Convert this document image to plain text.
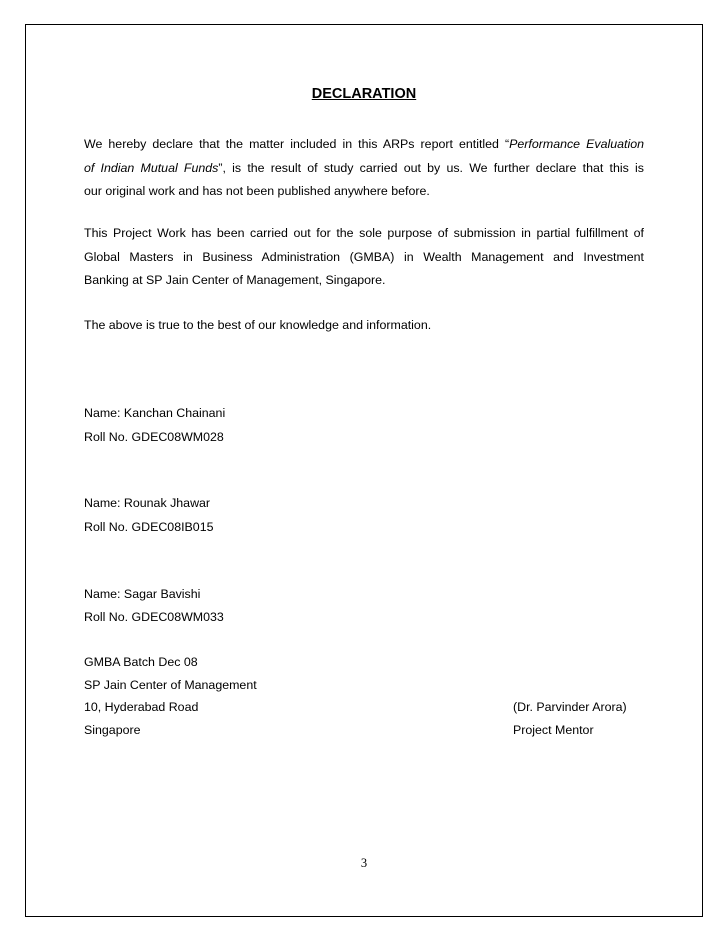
DECLARATION
We hereby declare that the matter included in this ARPs report entitled “Performance Evaluation
of Indian Mutual Funds”, is the result of study carried out by us. We further declare that this is
our original work and has not been published anywhere before.
This Project Work has been carried out for the sole purpose of submission in partial fulfillment of
Global Masters in Business Administration (GMBA) in Wealth Management and Investment
Banking at SP Jain Center of Management, Singapore.
The above is true to the best of our knowledge and information.
Name: Kanchan Chainani
Roll No. GDEC08WM028
Name: Rounak Jhawar
Roll No. GDEC08IB015
Name: Sagar Bavishi
Roll No. GDEC08WM033
GMBA Batch Dec 08
SP Jain Center of Management
10, Hyderabad Road
Singapore
(Dr. Parvinder Arora)
Project Mentor
3
